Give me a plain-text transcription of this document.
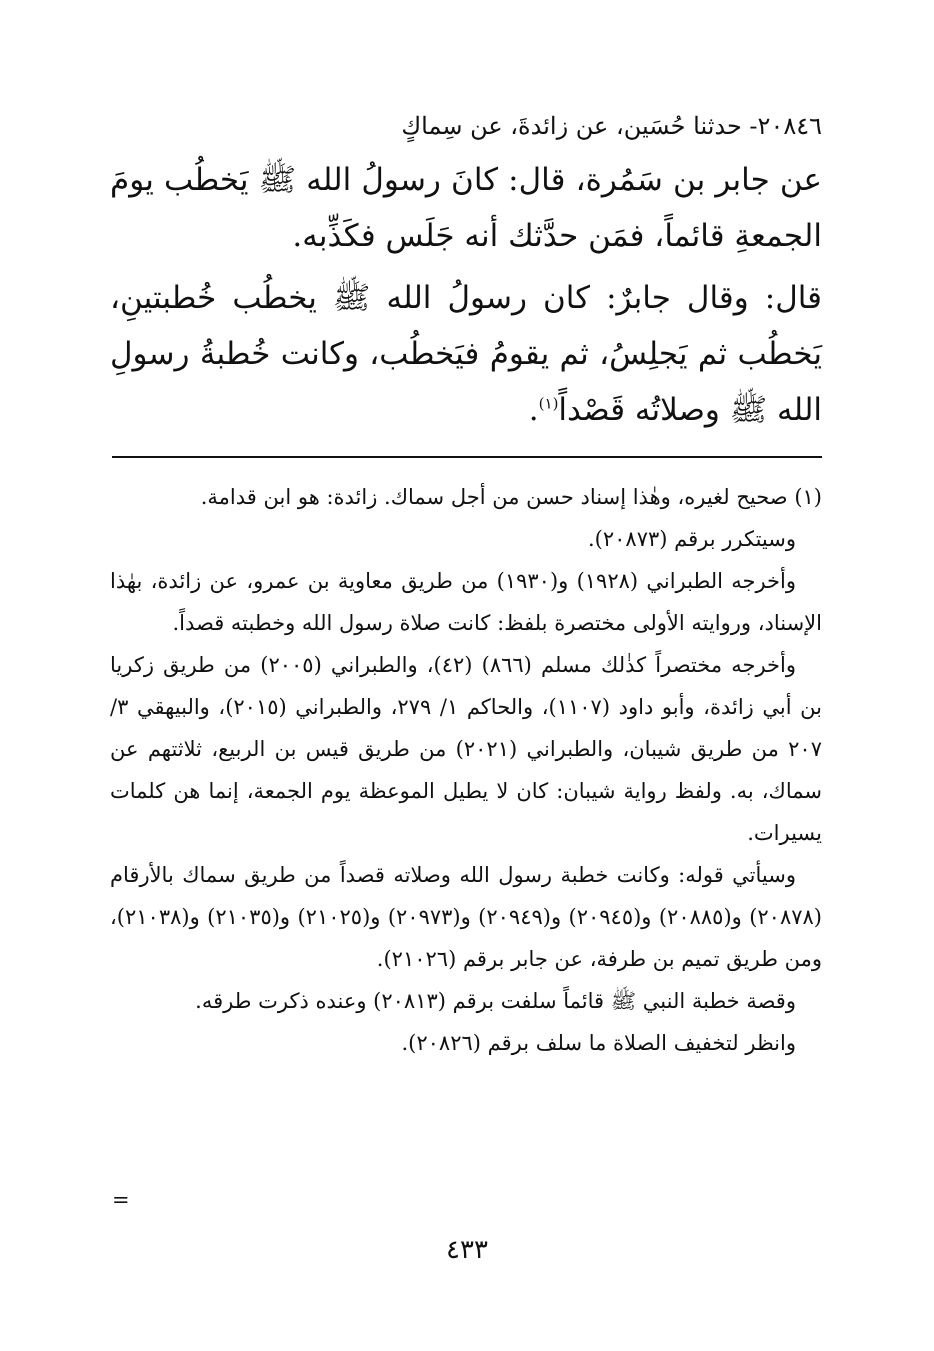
٢٠٨٤٦- حدثنا حُسَين، عن زائدةَ، عن سِماكٍ

عن جابر بن سَمُرة، قال: كانَ رسولُ الله ﷺ يَخطُب يومَ الجمعةِ قائماً، فمَن حدَّثك أنه جَلَس فكَذِّبه.

قال: وقال جابرٌ: كان رسولُ الله ﷺ يخطُب خُطبتينِ، يَخطُب ثم يَجلِسُ، ثم يقومُ فيَخطُب، وكانت خُطبةُ رسولِ الله ﷺ وصلاتُه قَصْداً$^{(١)}$.

(١) صحيح لغيره، وهٰذا إسناد حسن من أجل سماك. زائدة: هو ابن قدامة.

وسيتكرر برقم (٢٠٨٧٣).

وأخرجه الطبراني (١٩٢٨) و(١٩٣٠) من طريق معاوية بن عمرو، عن زائدة، بهٰذا الإسناد، وروايته الأولى مختصرة بلفظ: كانت صلاة رسول الله وخطبته قصداً.

وأخرجه مختصراً كذٰلك مسلم (٨٦٦) (٤٢)، والطبراني (٢٠٠٥) من طريق زكريا بن أبي زائدة، وأبو داود (١١٠٧)، والحاكم ١/ ٢٧٩، والطبراني (٢٠١٥)، والبيهقي ٣/ ٢٠٧ من طريق شيبان، والطبراني (٢٠٢١) من طريق قيس بن الربيع، ثلاثتهم عن سماك، به. ولفظ رواية شيبان: كان لا يطيل الموعظة يوم الجمعة، إنما هن كلمات يسيرات.

وسيأتي قوله: وكانت خطبة رسول الله وصلاته قصداً من طريق سماك بالأرقام (٢٠٨٧٨) و(٢٠٨٨٥) و(٢٠٩٤٥) و(٢٠٩٤٩) و(٢٠٩٧٣) و(٢١٠٢٥) و(٢١٠٣٥) و(٢١٠٣٨)، ومن طريق تميم بن طرفة، عن جابر برقم (٢١٠٢٦).

وقصة خطبة النبي ﷺ قائماً سلفت برقم (٢٠٨١٣) وعنده ذكرت طرقه.

وانظر لتخفيف الصلاة ما سلف برقم (٢٠٨٢٦).

=
٤٣٣
